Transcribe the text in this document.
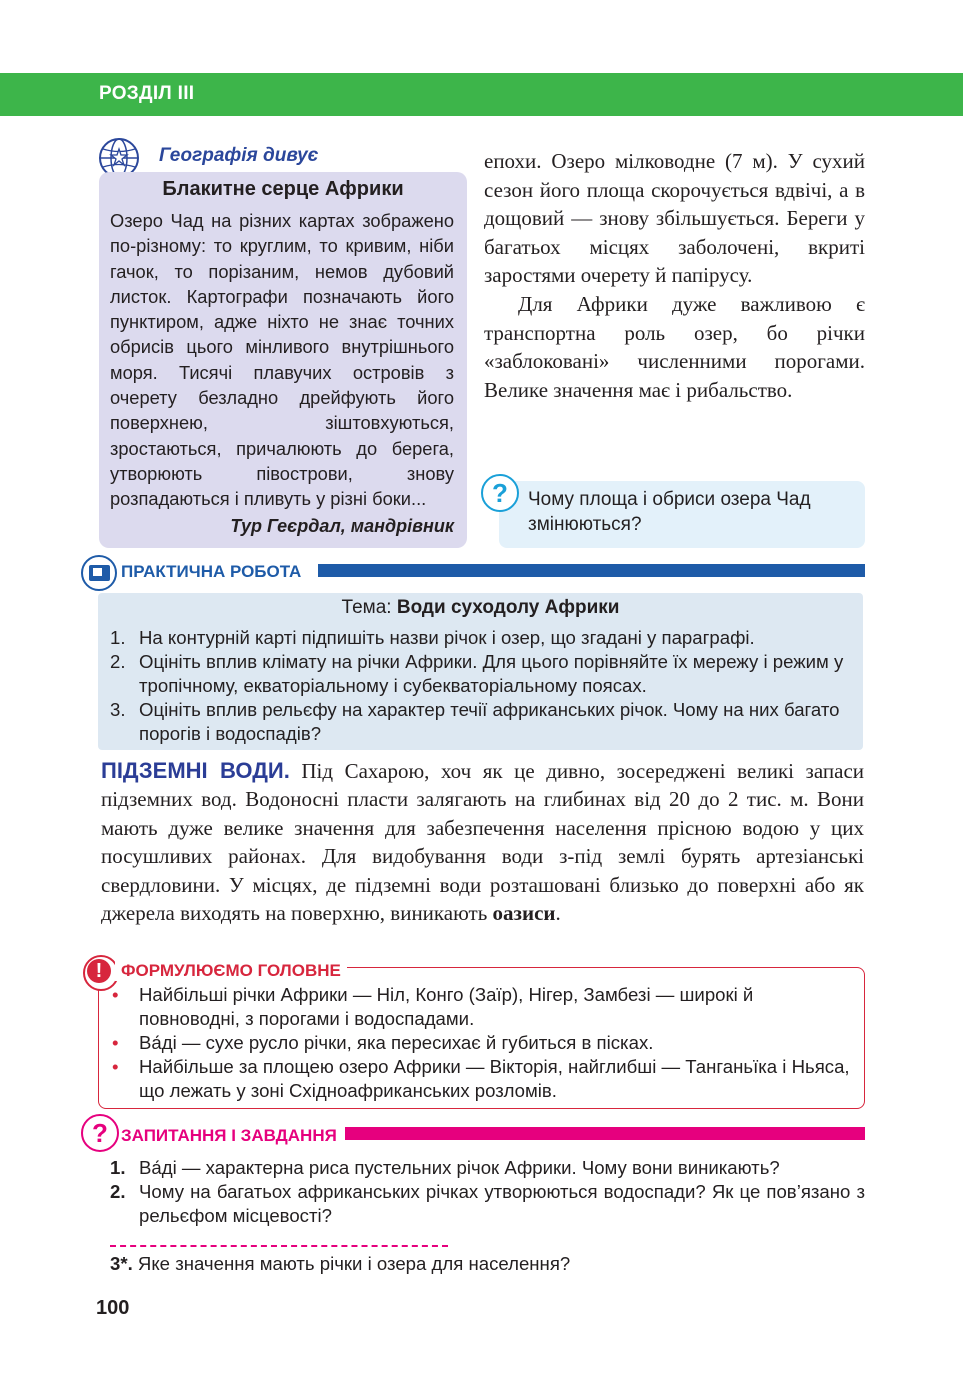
РОЗДІЛ ІІІ
Географія дивує
Блакитне серце Африки
Озеро Чад на різних картах зображено по-різному: то круглим, то кривим, ніби гачок, то порізаним, немов дубовий листок. Картографи позначають його пунктиром, адже ніхто не знає точних обрисів цього мінливого внутрішнього моря. Тисячі плавучих островів з очерету безладно дрейфують його поверхнею, зіштовхуються, зростаються, причалюють до берега, утворюють півострови, знову розпадаються і пливуть у різні боки...
Тур Геєрдал, мандрівник

епохи. Озеро мілководне (7 м). У сухий сезон його площа скорочується вдвічі, а в дощовий — знову збільшується. Береги у багатьох місцях заболочені, вкриті заростями очерету й папірусу.

Для Африки дуже важливою є транспортна роль озер, бо річки «заблоковані» численними порогами. Велике значення має і рибальство.

?	Чому площа і обриси озера Чад змінюються?
ПРАКТИЧНА РОБОТА
Тема: Води суходолу Африки
1. На контурній карті підпишіть назви річок і озер, що згадані у параграфі.
2. Оцініть вплив клімату на річки Африки. Для цього порівняйте їх мережу і режим у тропічному, екваторіальному і субекваторіальному поясах.
3. Оцініть вплив рельєфу на характер течії африканських річок. Чому на них багато порогів і водоспадів?
ПІДЗЕМНІ ВОДИ. Під Сахарою, хоч як це дивно, зосереджені великі запаси підземних вод. Водоносні пласти залягають на глибинах від 20 до 2 тис. м. Вони мають дуже велике значення для забезпечення населення прісною водою у цих посушливих районах. Для видобування води з-під землі бурять артезіанські свердловини. У місцях, де підземні води розташовані близько до поверхні або як джерела виходять на поверхню, виникають оазиси.
!	ФОРМУЛЮЄМО ГОЛОВНЕ
• Найбільші річки Африки — Ніл, Конго (Заїр), Нігер, Замбезі — широкі й повноводні, з порогами і водоспадами.
• Ва́ді — сухе русло річки, яка пересихає й губиться в пісках.
• Найбільше за площею озеро Африки — Вікторія, найглибші — Танганьїка і Ньяса, що лежать у зоні Східноафриканських розломів.
? ЗАПИТАННЯ І ЗАВДАННЯ
1. Ва́ді — характерна риса пустельних річок Африки. Чому вони виникають?
2. Чому на багатьох африканських річках утворюються водоспади? Як це пов’язано з рельєфом місцевості?
3*. Яке значення мають річки і озера для населення?
100
